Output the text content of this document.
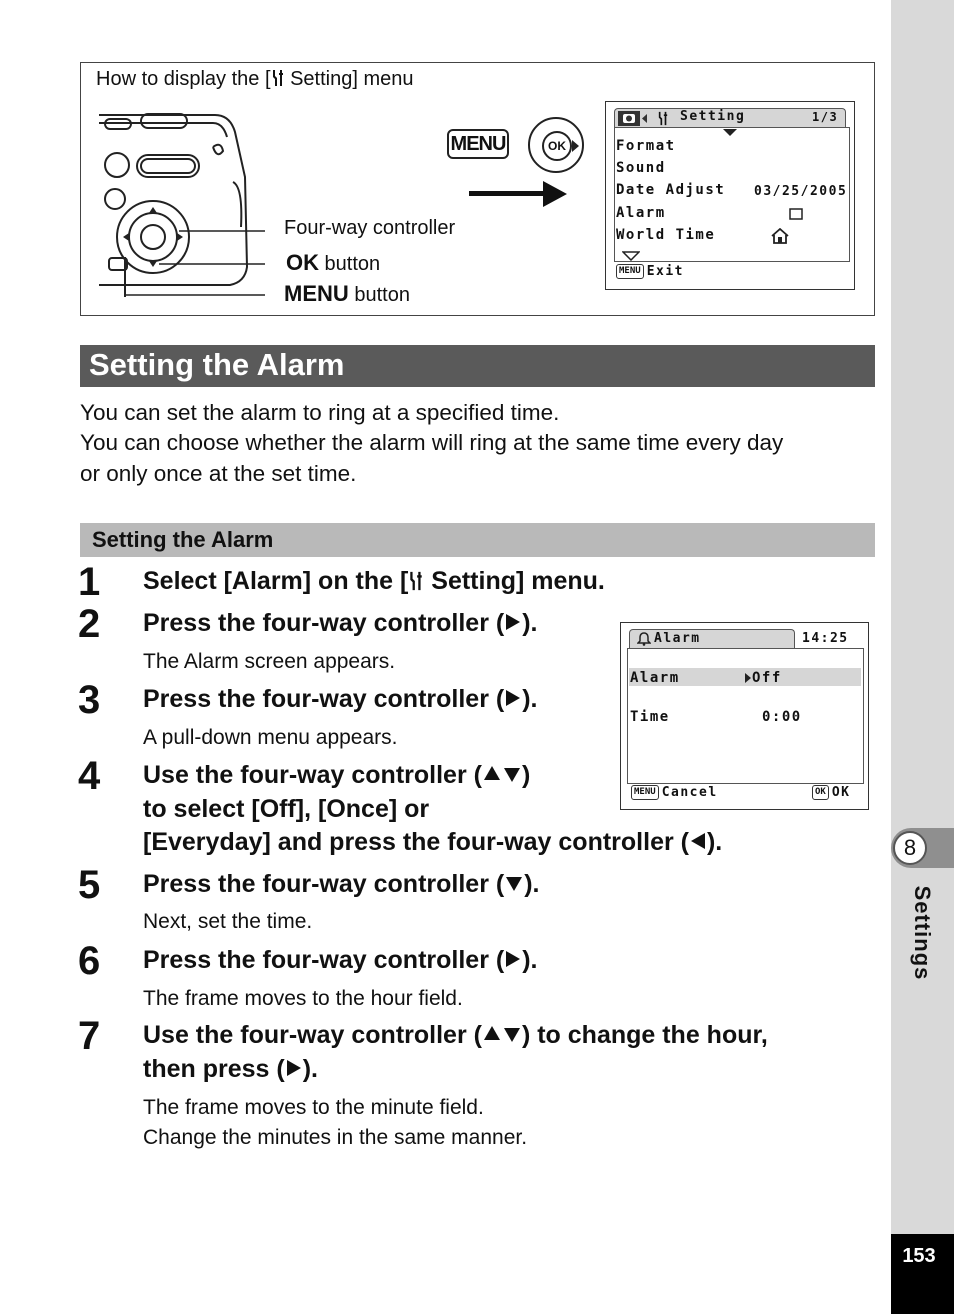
8
Settings
153
How to display the [ Setting] menu
Four-way controller
OK button
MENU button
MENU	OK
Setting	1/3
Format
Sound
Date Adjust 03/25/2005
Alarm
World Time
MENU Exit
Setting the Alarm
You can set the alarm to ring at a specified time.
You can choose whether the alarm will ring at the same time every day
or only once at the set time.
Setting the Alarm
1 Select [Alarm] on the [ Setting] menu.
2 Press the four-way controller ( ).
The Alarm screen appears.
3 Press the four-way controller ( ).
A pull-down menu appears.
4 Use the four-way controller ( )
to select [Off], [Once] or
[Everyday] and press the four-way controller ( ).
5 Press the four-way controller ( ).
Next, set the time.
6 Press the four-way controller ( ).
The frame moves to the hour field.
7 Use the four-way controller ( ) to change the hour,
then press ( ).
The frame moves to the minute field.
Change the minutes in the same manner.
Alarm	14:25
Alarm	Off
Time	0:00
MENU Cancel	OK OK
